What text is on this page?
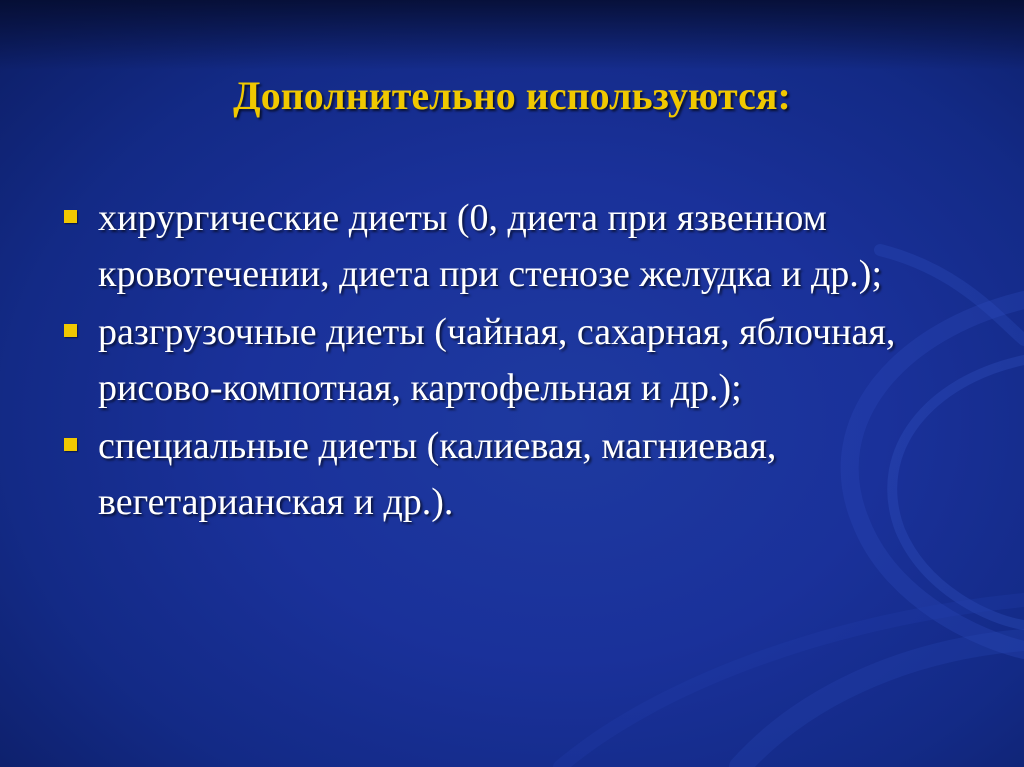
Дополнительно используются:
хирургические диеты (0, диета при язвенном кровотечении, диета при стенозе желудка и др.);
разгрузочные диеты (чайная, сахарная, яблочная, рисово-компотная, картофельная и др.);
специальные диеты (калиевая, магниевая, вегетарианская и др.).
